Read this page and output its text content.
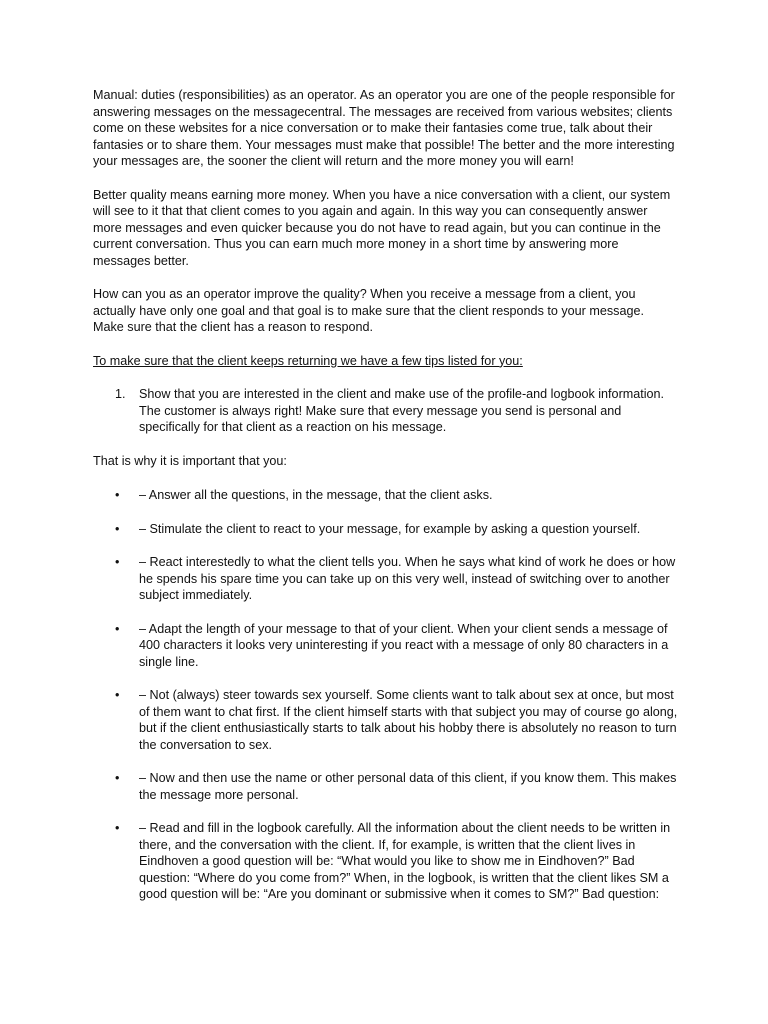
Manual: duties (responsibilities) as an operator. As an operator you are one of the people responsible for answering messages on the messagecentral. The messages are received from various websites; clients come on these websites for a nice conversation or to make their fantasies come true, talk about their fantasies or to share them. Your messages must make that possible! The better and the more interesting your messages are, the sooner the client will return and the more money you will earn!

Better quality means earning more money. When you have a nice conversation with a client, our system will see to it that that client comes to you again and again. In this way you can consequently answer more messages and even quicker because you do not have to read again, but you can continue in the current conversation. Thus you can earn much more money in a short time by answering more messages better.

How can you as an operator improve the quality? When you receive a message from a client, you actually have only one goal and that goal is to make sure that the client responds to your message. Make sure that the client has a reason to respond.

To make sure that the client keeps returning we have a few tips listed for you:

1.	Show that you are interested in the client and make use of the profile-and logbook information. The customer is always right! Make sure that every message you send is personal and specifically for that client as a reaction on his message.

That is why it is important that you:

•	– Answer all the questions, in the message, that the client asks.
•	– Stimulate the client to react to your message, for example by asking a question yourself.
•	– React interestedly to what the client tells you. When he says what kind of work he does or how he spends his spare time you can take up on this very well, instead of switching over to another subject immediately.
•	– Adapt the length of your message to that of your client. When your client sends a message of 400 characters it looks very uninteresting if you react with a message of only 80 characters in a single line.
•	– Not (always) steer towards sex yourself. Some clients want to talk about sex at once, but most of them want to chat first. If the client himself starts with that subject you may of course go along, but if the client enthusiastically starts to talk about his hobby there is absolutely no reason to turn the conversation to sex.
•	– Now and then use the name or other personal data of this client, if you know them. This makes the message more personal.
•	– Read and fill in the logbook carefully. All the information about the client needs to be written in there, and the conversation with the client. If, for example, is written that the client lives in Eindhoven a good question will be: “What would you like to show me in Eindhoven?” Bad question: “Where do you come from?” When, in the logbook, is written that the client likes SM a good question will be: “Are you dominant or submissive when it comes to SM?” Bad question:
